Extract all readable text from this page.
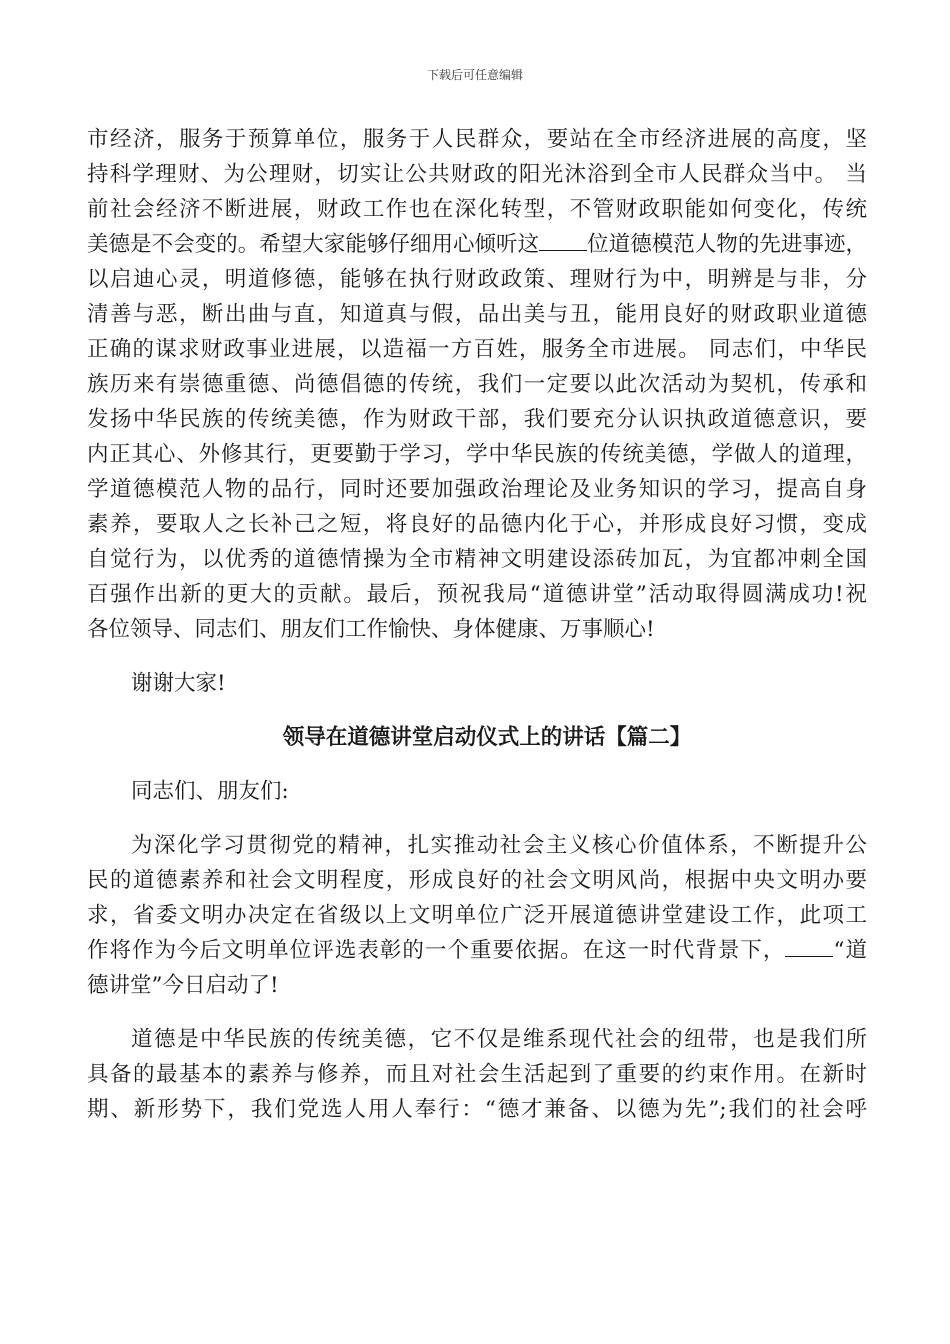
下载后可任意编辑
市经济，服务于预算单位，服务于人民群众，要站在全市经济进展的高度，坚
持科学理财、为公理财，切实让公共财政的阳光沐浴到全市人民群众当中。 当
前社会经济不断进展，财政工作也在深化转型，不管财政职能如何变化，传统
美德是不会变的。希望大家能够仔细用心倾听这 位道德模范人物的先进事迹，
以启迪心灵，明道修德，能够在执行财政政策、理财行为中，明辨是与非，分
清善与恶，断出曲与直，知道真与假，品出美与丑，能用良好的财政职业道德
正确的谋求财政事业进展，以造福一方百姓，服务全市进展。 同志们，中华民
族历来有崇德重德、尚德倡德的传统，我们一定要以此次活动为契机，传承和
发扬中华民族的传统美德，作为财政干部，我们要充分认识执政道德意识，要
内正其心、外修其行，更要勤于学习，学中华民族的传统美德，学做人的道理，
学道德模范人物的品行，同时还要加强政治理论及业务知识的学习，提高自身
素养，要取人之长补己之短，将良好的品德内化于心，并形成良好习惯，变成
自觉行为，以优秀的道德情操为全市精神文明建设添砖加瓦，为宜都冲刺全国
百强作出新的更大的贡献。最后，预祝我局“道德讲堂”活动取得圆满成功!祝
各位领导、同志们、朋友们工作愉快、身体健康、万事顺心!
谢谢大家!
领导在道德讲堂启动仪式上的讲话【篇二】
同志们、朋友们:
为深化学习贯彻党的精神，扎实推动社会主义核心价值体系，不断提升公
民的道德素养和社会文明程度，形成良好的社会文明风尚，根据中央文明办要
求，省委文明办决定在省级以上文明单位广泛开展道德讲堂建设工作，此项工
作将作为今后文明单位评选表彰的一个重要依据。在这一时代背景下， “道
德讲堂”今日启动了!
道德是中华民族的传统美德，它不仅是维系现代社会的纽带，也是我们所
具备的最基本的素养与修养，而且对社会生活起到了重要的约束作用。在新时
期、新形势下，我们党选人用人奉行：“德才兼备、以德为先”;我们的社会呼
